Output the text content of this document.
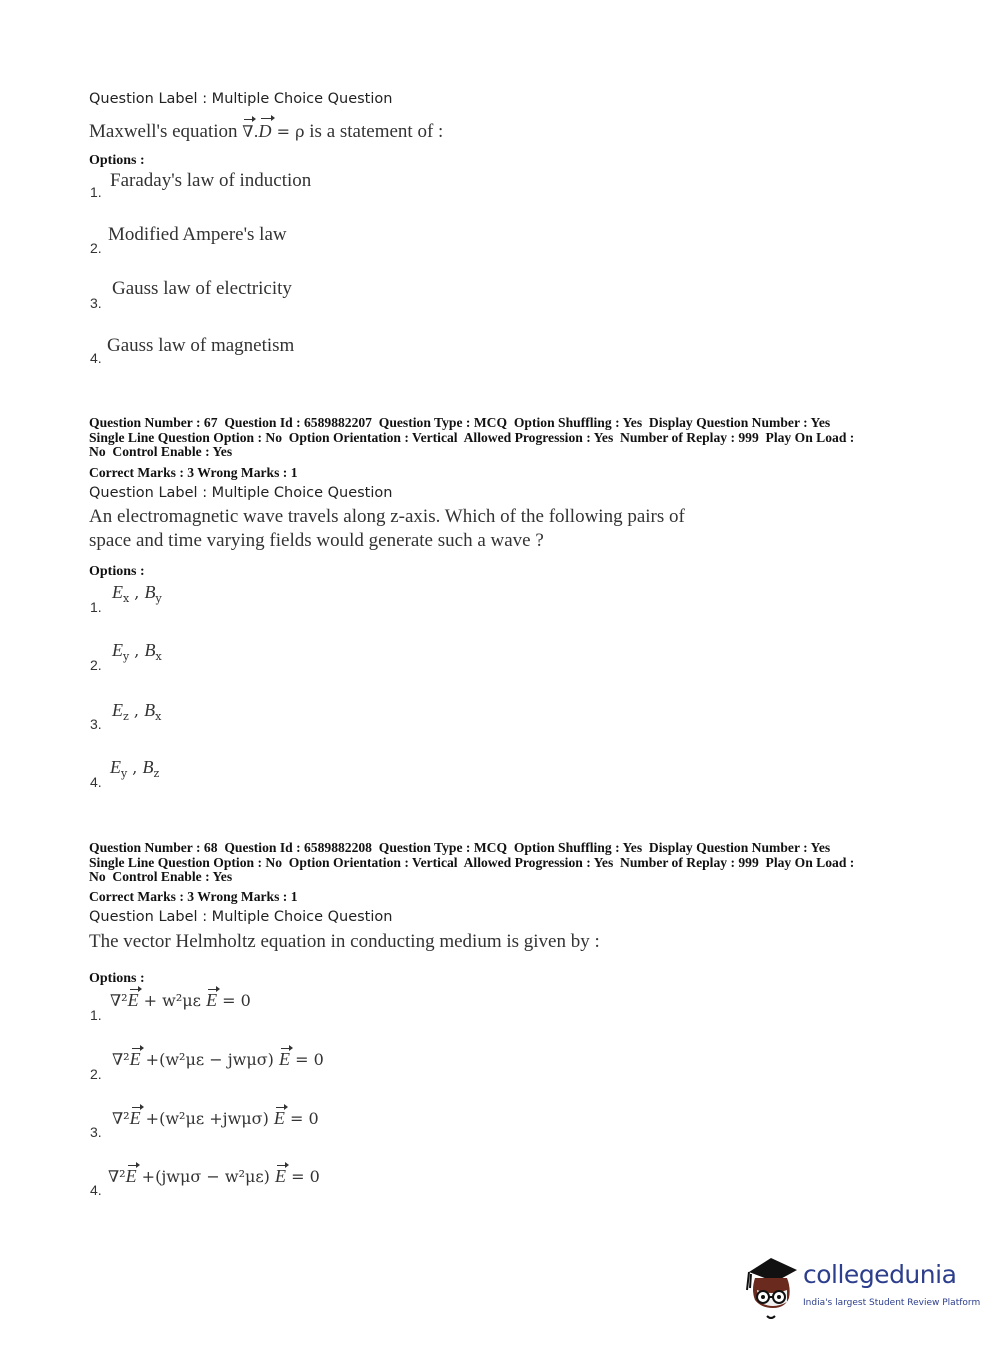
Question Label : Multiple Choice Question
Maxwell's equation ∇.D = ρ is a statement of :
Options :
1.
Faraday's law of induction
2.
Modified Ampere's law
3.
Gauss law of electricity
4.
Gauss law of magnetism
Question Number : 67  Question Id : 6589882207  Question Type : MCQ  Option Shuffling : Yes  Display Question Number : Yes
Single Line Question Option : No  Option Orientation : Vertical  Allowed Progression : Yes  Number of Replay : 999  Play On Load :
No  Control Enable : Yes
Correct Marks : 3 Wrong Marks : 1
Question Label : Multiple Choice Question
An electromagnetic wave travels along z-axis. Which of the following pairs of
space and time varying fields would generate such a wave ?
Options :
1.
$E_x$ , $B_y$
2.
$E_y$ , $B_x$
3.
$E_z$ , $B_x$
4.
$E_y$ , $B_z$
Question Number : 68  Question Id : 6589882208  Question Type : MCQ  Option Shuffling : Yes  Display Question Number : Yes
Single Line Question Option : No  Option Orientation : Vertical  Allowed Progression : Yes  Number of Replay : 999  Play On Load :
No  Control Enable : Yes
Correct Marks : 3 Wrong Marks : 1
Question Label : Multiple Choice Question
The vector Helmholtz equation in conducting medium is given by :
Options :
1.
∇²E + w²με E = 0
2.
∇²E +(w²με − jwμσ) E = 0
3.
∇²E +(w²με +jwμσ) E = 0
4.
∇²E +(jwμσ − w²με) E = 0
collegedunia
India's largest Student Review Platform
